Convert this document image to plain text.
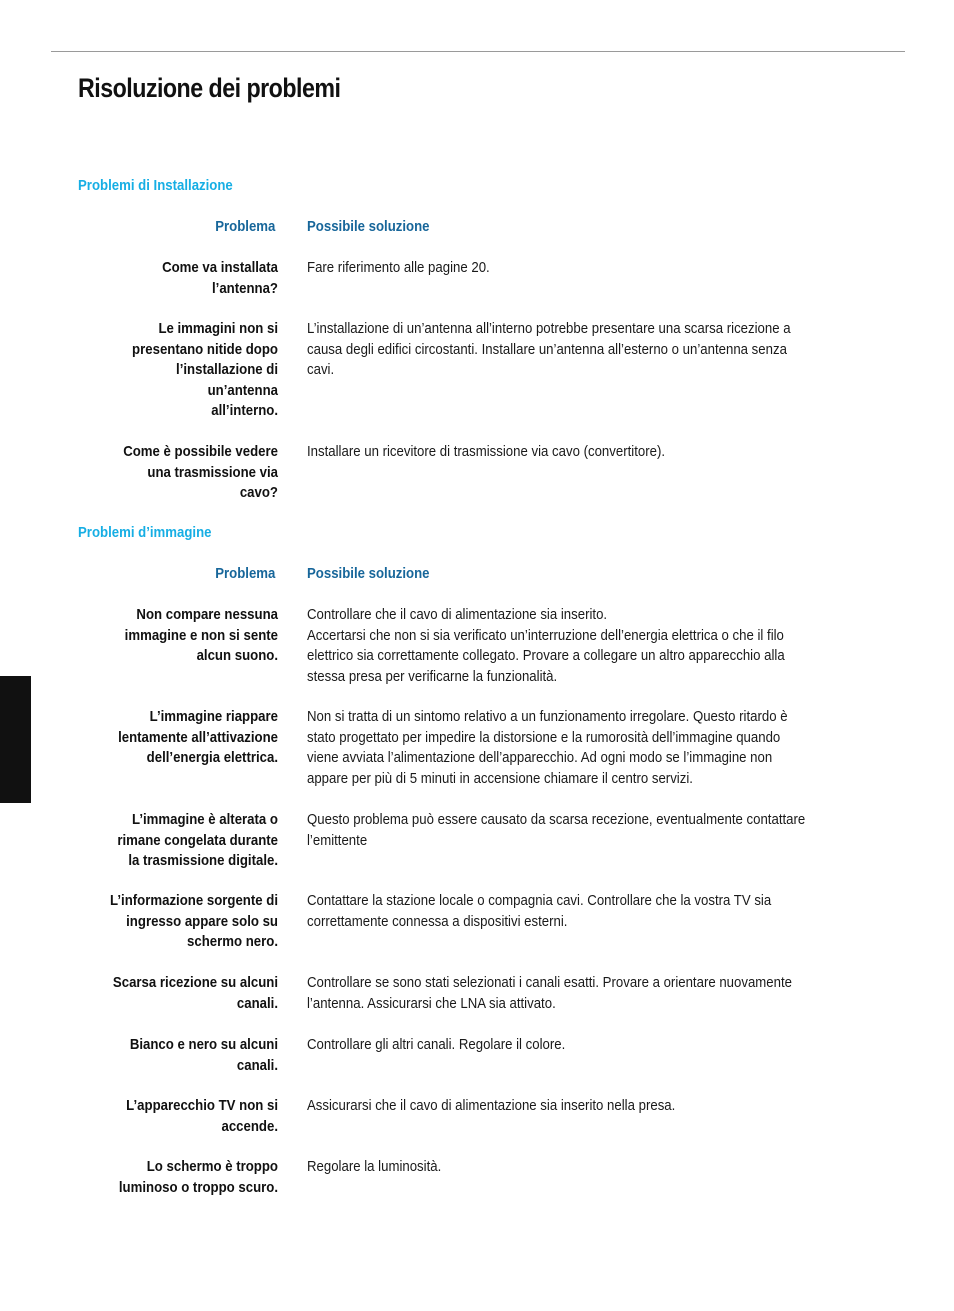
Risoluzione dei problemi
Problemi di Installazione
Problema Possibile soluzione
Come va installata
l’antenna?
Fare riferimento alle pagine 20.
Le immagini non si
presentano nitide dopo
l’installazione di
un’antenna
all’interno.
L’installazione di un’antenna all’interno potrebbe presentare una scarsa ricezione a
causa degli edifici circostanti. Installare un’antenna all’esterno o un’antenna senza
cavi.
Come è possibile vedere
una trasmissione via
cavo?
Installare un ricevitore di trasmissione via cavo (convertitore).
Problemi d’immagine
Problema Possibile soluzione
Non compare nessuna
immagine e non si sente
alcun suono.
Controllare che il cavo di alimentazione sia inserito.
Accertarsi che non si sia verificato un’interruzione dell’energia elettrica o che il filo
elettrico sia correttamente collegato. Provare a collegare un altro apparecchio alla
stessa presa per verificarne la funzionalità.
L’immagine riappare
lentamente all’attivazione
dell’energia elettrica.
Non si tratta di un sintomo relativo a un funzionamento irregolare. Questo ritardo è
stato progettato per impedire la distorsione e la rumorosità dell’immagine quando
viene avviata l’alimentazione dell’apparecchio. Ad ogni modo se l’immagine non
appare per più di 5 minuti in accensione chiamare il centro servizi.
L’immagine è alterata o
rimane congelata durante
la trasmissione digitale.
Questo problema può essere causato da scarsa recezione, eventualmente contattare
l’emittente
L’informazione sorgente di
ingresso appare solo su
schermo nero.
Contattare la stazione locale o compagnia cavi. Controllare che la vostra TV sia
correttamente connessa a dispositivi esterni.
Scarsa ricezione su alcuni
canali.
Controllare se sono stati selezionati i canali esatti. Provare a orientare nuovamente
l’antenna. Assicurarsi che LNA sia attivato.
Bianco e nero su alcuni
canali.
Controllare gli altri canali. Regolare il colore.
L’apparecchio TV non si
accende.
Assicurarsi che il cavo di alimentazione sia inserito nella presa.
Lo schermo è troppo
luminoso o troppo scuro.
Regolare la luminosità.
